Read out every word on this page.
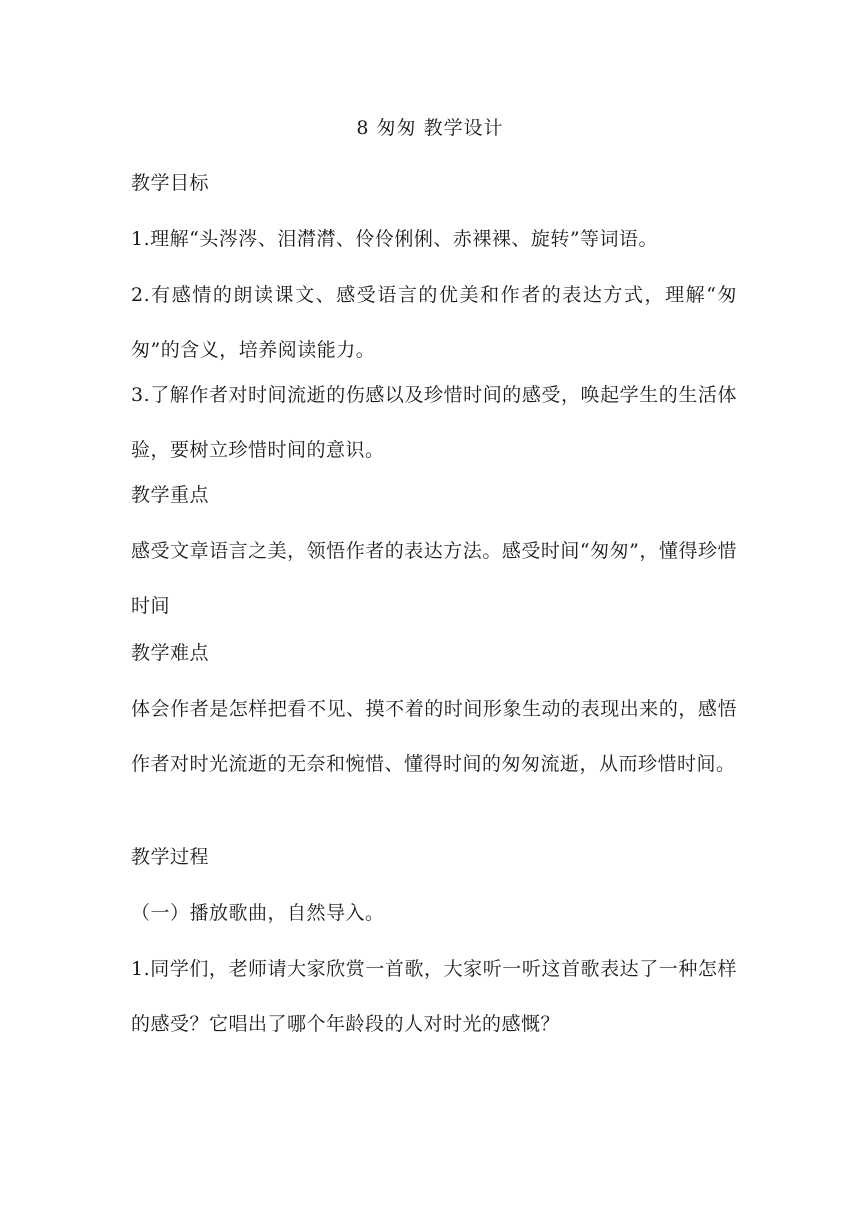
8 匆匆 教学设计
教学目标
1.理解“头涔涔、泪潸潸、伶伶俐俐、赤裸裸、旋转”等词语。
2.有感情的朗读课文、感受语言的优美和作者的表达方式，理解“匆匆”的含义，培养阅读能力。
3.了解作者对时间流逝的伤感以及珍惜时间的感受，唤起学生的生活体验，要树立珍惜时间的意识。
教学重点
感受文章语言之美，领悟作者的表达方法。感受时间“匆匆”，懂得珍惜时间
教学难点
体会作者是怎样把看不见、摸不着的时间形象生动的表现出来的，感悟作者对时光流逝的无奈和惋惜、懂得时间的匆匆流逝，从而珍惜时间。
教学过程
（一）播放歌曲，自然导入。
1.同学们，老师请大家欣赏一首歌，大家听一听这首歌表达了一种怎样的感受？它唱出了哪个年龄段的人对时光的感慨？
